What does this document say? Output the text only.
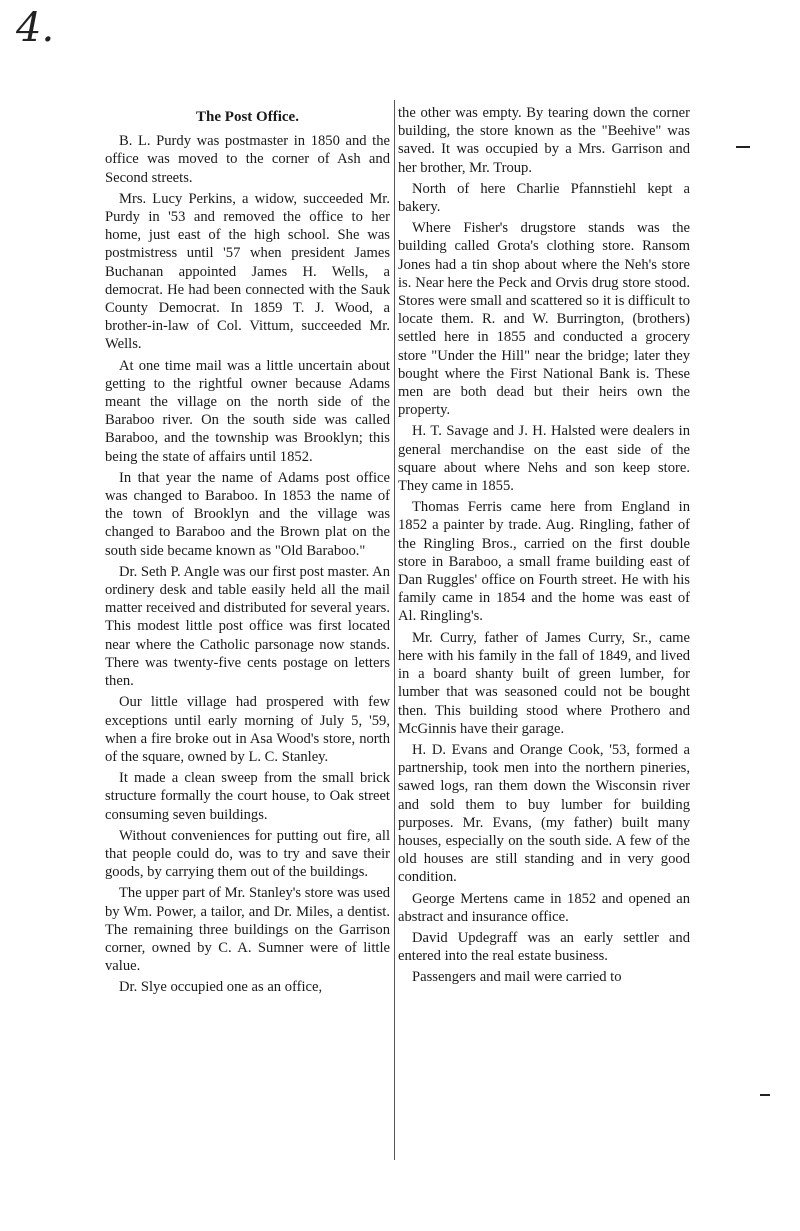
4.
The Post Office.

B. L. Purdy was postmaster in 1850 and the office was moved to the corner of Ash and Second streets.

Mrs. Lucy Perkins, a widow, succeeded Mr. Purdy in '53 and removed the office to her home, just east of the high school. She was postmistress until '57 when president James Buchanan appointed James H. Wells, a democrat. He had been connected with the Sauk County Democrat. In 1859 T. J. Wood, a brother-in-law of Col. Vittum, succeeded Mr. Wells.

At one time mail was a little uncertain about getting to the rightful owner because Adams meant the village on the north side of the Baraboo river. On the south side was called Baraboo, and the township was Brooklyn; this being the state of affairs until 1852.

In that year the name of Adams post office was changed to Baraboo. In 1853 the name of the town of Brooklyn and the village was changed to Baraboo and the Brown plat on the south side became known as "Old Baraboo."

Dr. Seth P. Angle was our first post master. An ordinery desk and table easily held all the mail matter received and distributed for several years. This modest little post office was first located near where the Catholic parsonage now stands. There was twenty-five cents postage on letters then.

Our little village had prospered with few exceptions until early morning of July 5, '59, when a fire broke out in Asa Wood's store, north of the square, owned by L. C. Stanley.

It made a clean sweep from the small brick structure formally the court house, to Oak street consuming seven buildings.

Without conveniences for putting out fire, all that people could do, was to try and save their goods, by carrying them out of the buildings.

The upper part of Mr. Stanley's store was used by Wm. Power, a tailor, and Dr. Miles, a dentist. The remaining three buildings on the Garrison corner, owned by C. A. Sumner were of little value.

Dr. Slye occupied one as an office,

the other was empty. By tearing down the corner building, the store known as the "Beehive" was saved. It was occupied by a Mrs. Garrison and her brother, Mr. Troup.

North of here Charlie Pfannstiehl kept a bakery.

Where Fisher's drugstore stands was the building called Grota's clothing store. Ransom Jones had a tin shop about where the Neh's store is. Near here the Peck and Orvis drug store stood. Stores were small and scattered so it is difficult to locate them. R. and W. Burrington, (brothers) settled here in 1855 and conducted a grocery store "Under the Hill" near the bridge; later they bought where the First National Bank is. These men are both dead but their heirs own the property.

H. T. Savage and J. H. Halsted were dealers in general merchandise on the east side of the square about where Nehs and son keep store. They came in 1855.

Thomas Ferris came here from England in 1852 a painter by trade. Aug. Ringling, father of the Ringling Bros., carried on the first double store in Baraboo, a small frame building east of Dan Ruggles' office on Fourth street. He with his family came in 1854 and the home was east of Al. Ringling's.

Mr. Curry, father of James Curry, Sr., came here with his family in the fall of 1849, and lived in a board shanty built of green lumber, for lumber that was seasoned could not be bought then. This building stood where Prothero and McGinnis have their garage.

H. D. Evans and Orange Cook, '53, formed a partnership, took men into the northern pineries, sawed logs, ran them down the Wisconsin river and sold them to buy lumber for building purposes. Mr. Evans, (my father) built many houses, especially on the south side. A few of the old houses are still standing and in very good condition.

George Mertens came in 1852 and opened an abstract and insurance office.

David Updegraff was an early settler and entered into the real estate business.

Passengers and mail were carried to
